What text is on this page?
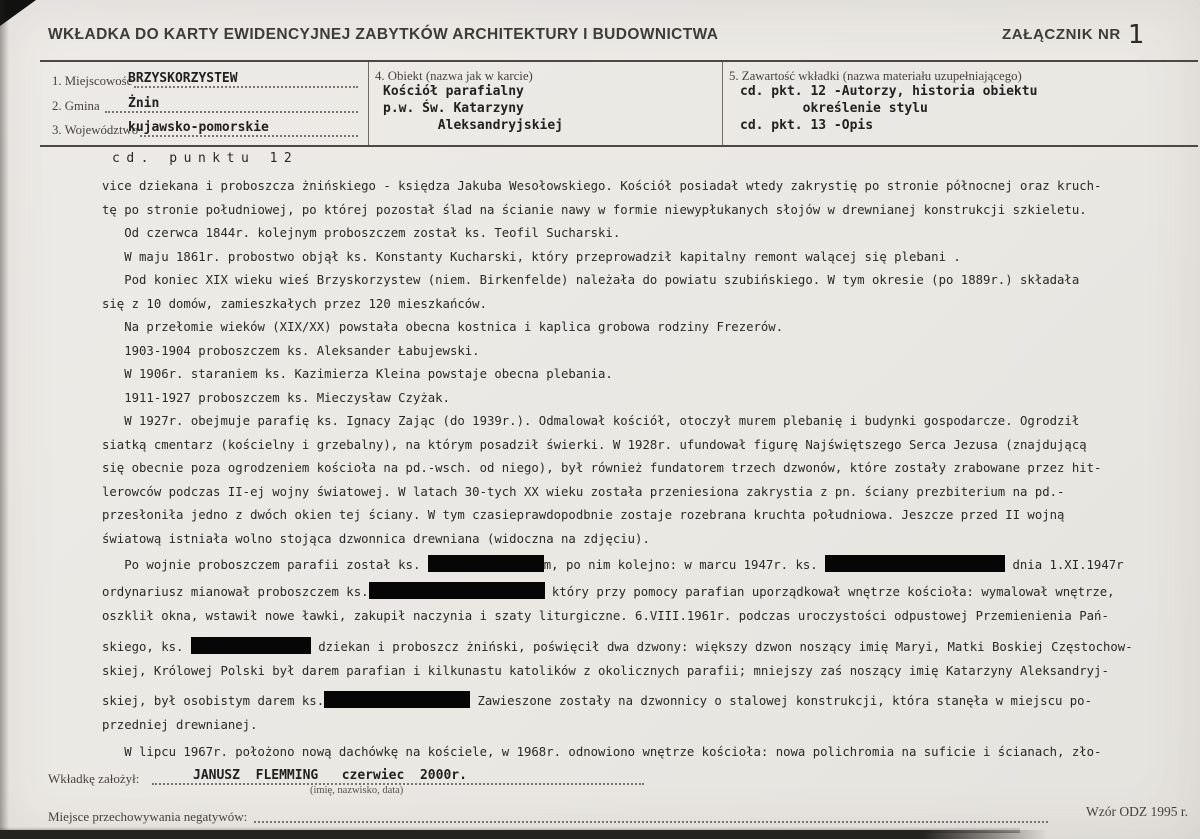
WKŁADKA DO KARTY EWIDENCYJNEJ ZABYTKÓW ARCHITEKTURY I BUDOWNICTWA	ZAŁĄCZNIK NR 1
1. Miejscowość
BRZYSKORZYSTEW
2. Gmina Żnin
3. Województwo
kujawsko-pomorskie
4. Obiekt (nazwa jak w karcie)
Kościół parafialny
p.w. Św. Katarzyny
Aleksandryjskiej
5. Zawartość wkładki (nazwa materiału uzupełniającego)
cd. pkt. 12 -Autorzy, historia obiektu
określenie stylu
cd. pkt. 13 -Opis
cd. punktu 12
vice dziekana i proboszcza żnińskiego - księdza Jakuba Wesołowskiego. Kościół posiadał wtedy zakrystię po stronie północnej oraz kruch-
tę po stronie południowej, po której pozostał ślad na ścianie nawy w formie niewypłukanych słojów w drewnianej konstrukcji szkieletu.
Od czerwca 1844r. kolejnym proboszczem został ks. Teofil Sucharski.
W maju 1861r. probostwo objął ks. Konstanty Kucharski, który przeprowadził kapitalny remont walącej się plebani .
Pod koniec XIX wieku wieś Brzyskorzystew (niem. Birkenfelde) należała do powiatu szubińskiego. W tym okresie (po 1889r.) składała
się z 10 domów, zamieszkałych przez 120 mieszkańców.
Na przełomie wieków (XIX/XX) powstała obecna kostnica i kaplica grobowa rodziny Frezerów.
1903-1904 proboszczem ks. Aleksander Łabujewski.
W 1906r. staraniem ks. Kazimierza Kleina powstaje obecna plebania.
1911-1927 proboszczem ks. Mieczysław Czyżak.
W 1927r. obejmuje parafię ks. Ignacy Zając (do 1939r.). Odmalował kościół, otoczył murem plebanię i budynki gospodarcze. Ogrodził
siatką cmentarz (kościelny i grzebalny), na którym posadził świerki. W 1928r. ufundował figurę Najświętszego Serca Jezusa (znajdującą
się obecnie poza ogrodzeniem kościoła na pd.-wsch. od niego), był również fundatorem trzech dzwonów, które zostały zrabowane przez hit-
lerowców podczas II-ej wojny światowej. W latach 30-tych XX wieku została przeniesiona zakrystia z pn. ściany prezbiterium na pd.-
przesłoniła jedno z dwóch okien tej ściany. W tym czasieprawdopodbnie zostaje rozebrana kruchta południowa. Jeszcze przed II wojną
światową istniała wolno stojąca dzwonnica drewniana (widoczna na zdjęciu).
Po wojnie proboszczem parafii został ks.	m, po nim kolejno: w marcu 1947r. ks.	dnia 1.XI.1947r
ordynariusz mianował proboszczem ks.	który przy pomocy parafian uporządkował wnętrze kościoła: wymalował wnętrze,
oszklił okna, wstawił nowe ławki, zakupił naczynia i szaty liturgiczne. 6.VIII.1961r. podczas uroczystości odpustowej Przemienienia Pań-
skiego, ks.	dziekan i proboszcz żniński, poświęcił dwa dzwony: większy dzwon noszący imię Maryi, Matki Boskiej Częstochow-
skiej, Królowej Polski był darem parafian i kilkunastu katolików z okolicznych parafii; mniejszy zaś noszący imię Katarzyny Aleksandryj-
skiej, był osobistym darem ks.	Zawieszone zostały na dzwonnicy o stalowej konstrukcji, która stanęła w miejscu po-
przedniej drewnianej.
W lipcu 1967r. położono nową dachówkę na kościele, w 1968r. odnowiono wnętrze kościoła: nowa polichromia na suficie i ścianach, zło-
Wkładkę założył:	JANUSZ  FLEMMING   czerwiec  2000r.
(imię, nazwisko, data)
Miejsce przechowywania negatywów:	Wzór ODZ 1995 r.
